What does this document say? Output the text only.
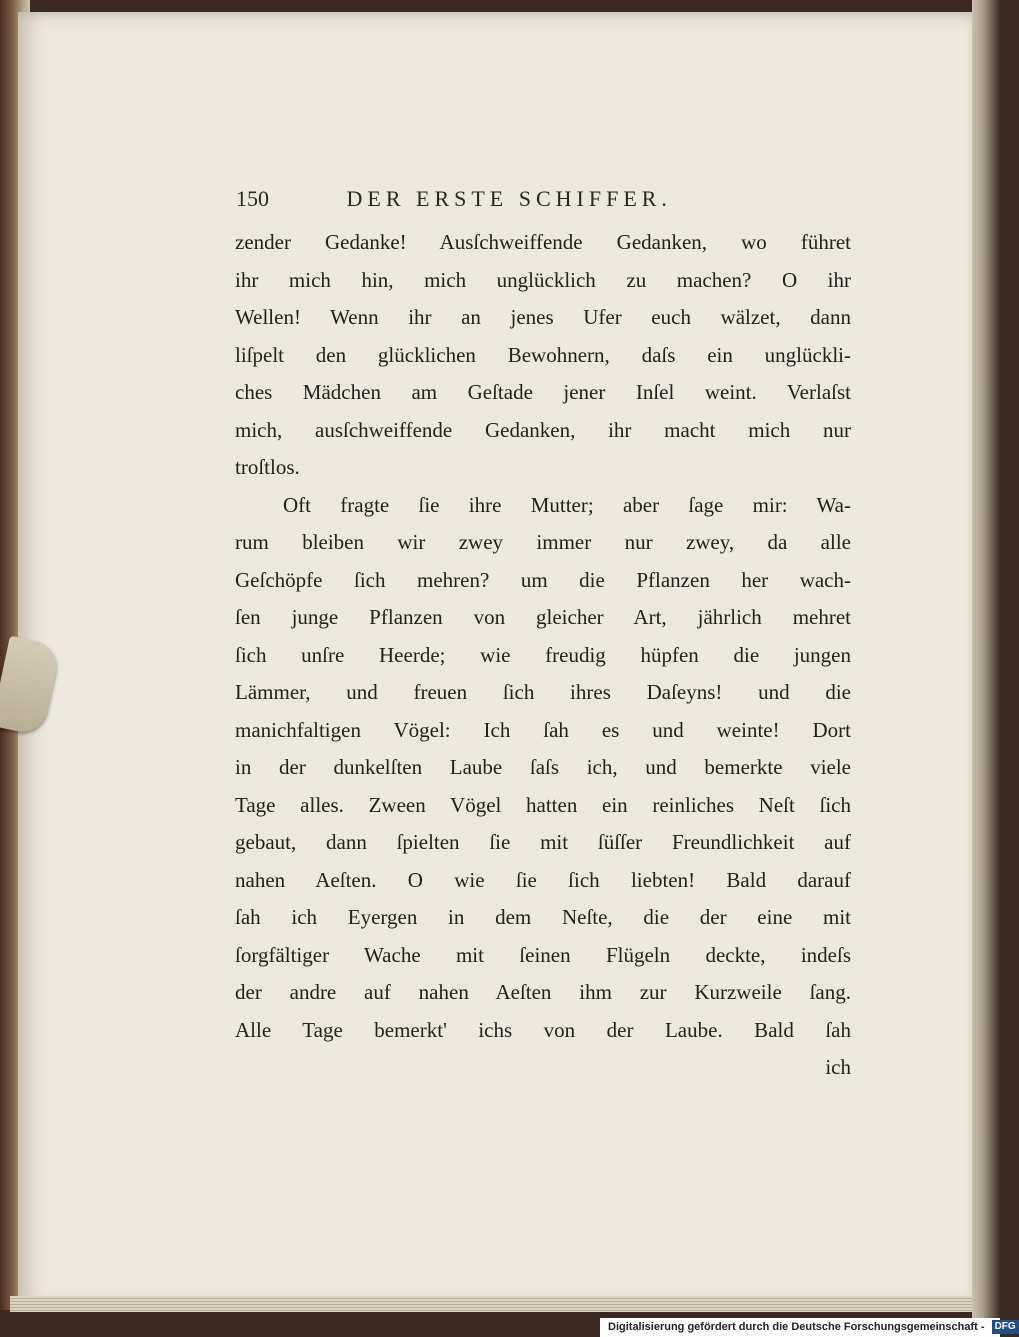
150	DER ERSTE SCHIFFER.
zender Gedanke! Ausſchweiffende Gedanken, wo führet
ihr mich hin, mich unglücklich zu machen? O ihr
Wellen! Wenn ihr an jenes Ufer euch wälzet, dann
liſpelt den glücklichen Bewohnern, daſs ein unglückli-
ches Mädchen am Geſtade jener Inſel weint. Verlaſst
mich, ausſchweiffende Gedanken, ihr macht mich nur
troſtlos.
Oft fragte ſie ihre Mutter; aber ſage mir: Wa-
rum bleiben wir zwey immer nur zwey, da alle
Geſchöpfe ſich mehren? um die Pflanzen her wach-
ſen junge Pflanzen von gleicher Art, jährlich mehret
ſich unſre Heerde; wie freudig hüpfen die jungen
Lämmer, und freuen ſich ihres Daſeyns! und die
manichfaltigen Vögel: Ich ſah es und weinte! Dort
in der dunkelſten Laube ſaſs ich, und bemerkte viele
Tage alles. Zween Vögel hatten ein reinliches Neſt ſich
gebaut, dann ſpielten ſie mit ſüſſer Freundlichkeit auf
nahen Aeſten. O wie ſie ſich liebten! Bald darauf
ſah ich Eyergen in dem Neſte, die der eine mit
ſorgfältiger Wache mit ſeinen Flügeln deckte, indeſs
der andre auf nahen Aeſten ihm zur Kurzweile ſang.
Alle Tage bemerkt' ichs von der Laube. Bald ſah
ich
Digitalisierung gefördert durch die Deutsche Forschungsgemeinschaft - DFG
